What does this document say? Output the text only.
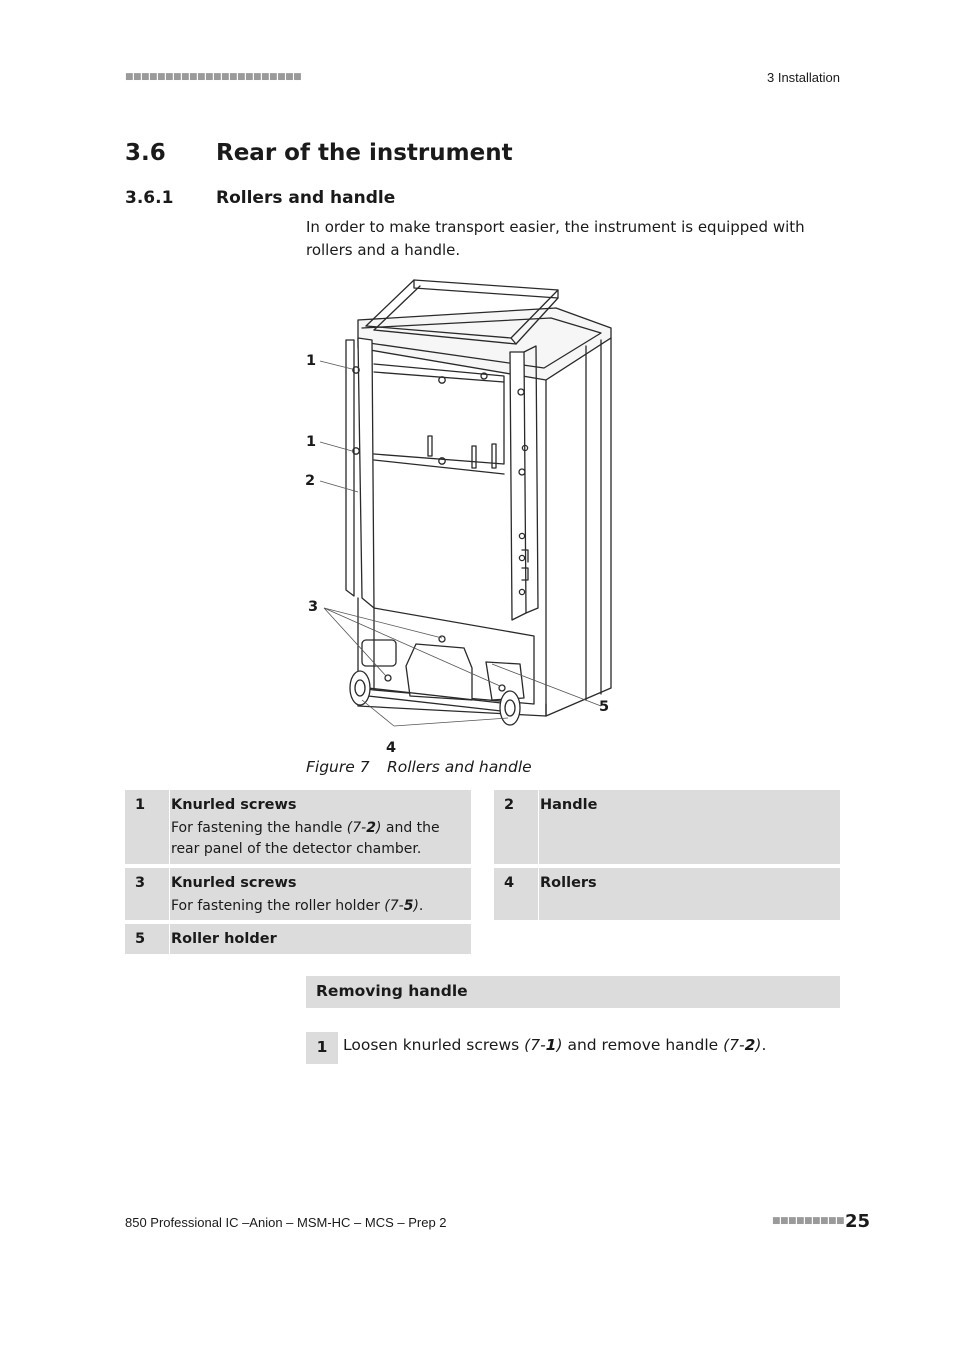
■■■■■■■■■■■■■■■■■■■■■■	3 Installation
3.6 Rear of the instrument
3.6.1	Rollers and handle
In order to make transport easier, the instrument is equipped with rollers and a handle.
1
1
2
3
4
5
Figure 7 Rollers and handle
1 Knurled screws
For fastening the handle (7-2) and the rear panel of the detector chamber.
2 Handle
3 Knurled screws
For fastening the roller holder (7-5).
4 Rollers
5 Roller holder
Removing handle
1	Loosen knurled screws (7-1) and remove handle (7-2).
850 Professional IC –Anion – MSM-HC – MCS – Prep 2	■■■■■■■■■ 25
